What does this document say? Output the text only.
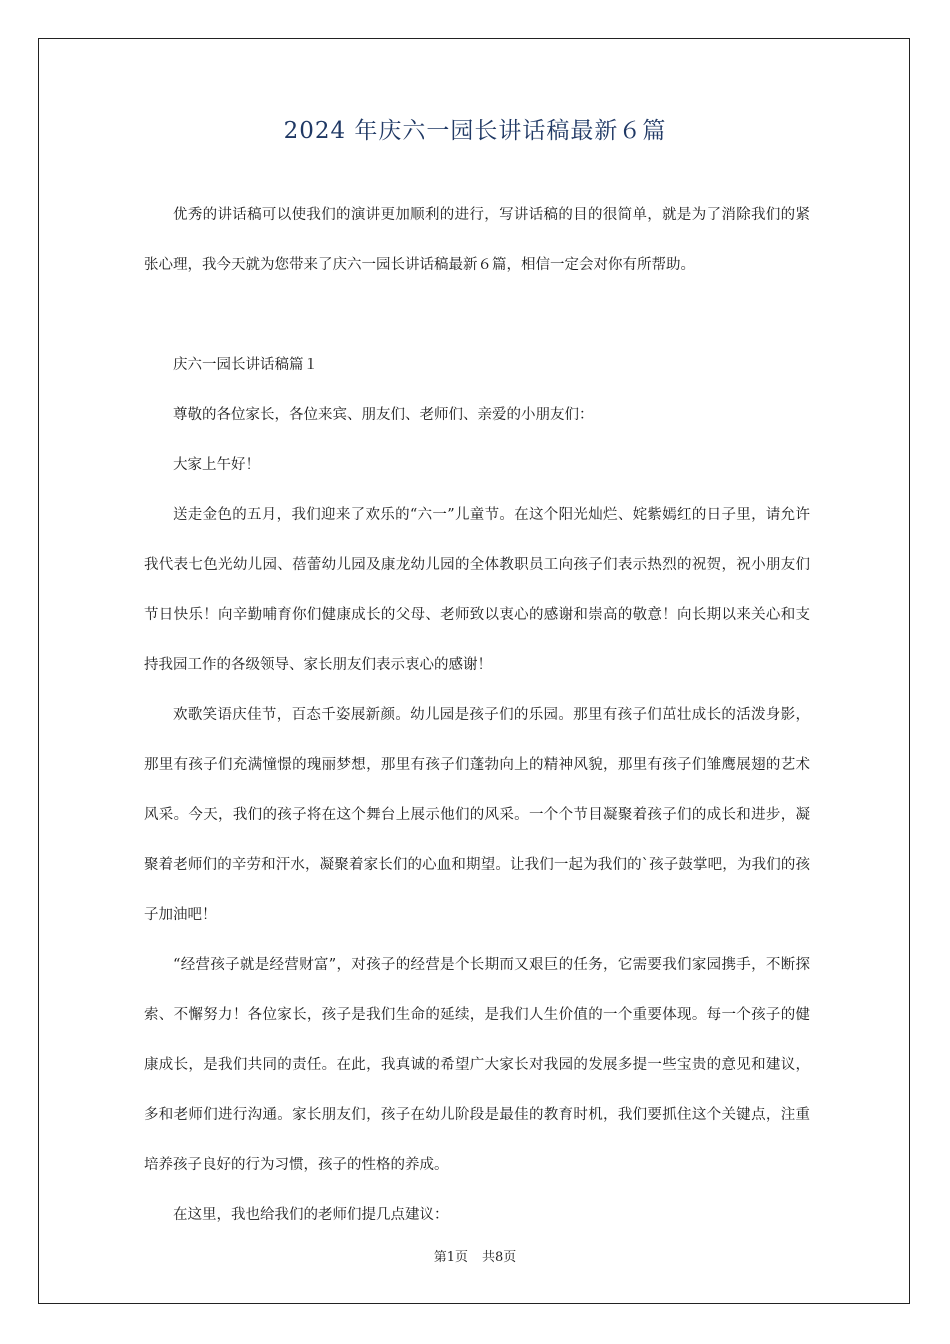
2024 年庆六一园长讲话稿最新６篇

优秀的讲话稿可以使我们的演讲更加顺利的进行，写讲话稿的目的很简单，就是为了消除我们的紧张心理，我今天就为您带来了庆六一园长讲话稿最新６篇，相信一定会对你有所帮助。

庆六一园长讲话稿篇１

尊敬的各位家长，各位来宾、朋友们、老师们、亲爱的小朋友们：

大家上午好！

送走金色的五月，我们迎来了欢乐的“六一”儿童节。在这个阳光灿烂、姹紫嫣红的日子里，请允许我代表七色光幼儿园、蓓蕾幼儿园及康龙幼儿园的全体教职员工向孩子们表示热烈的祝贺，祝小朋友们节日快乐！向辛勤哺育你们健康成长的父母、老师致以衷心的感谢和崇高的敬意！向长期以来关心和支持我园工作的各级领导、家长朋友们表示衷心的感谢！

欢歌笑语庆佳节，百态千姿展新颜。幼儿园是孩子们的乐园。那里有孩子们茁壮成长的活泼身影，那里有孩子们充满憧憬的瑰丽梦想，那里有孩子们蓬勃向上的精神风貌，那里有孩子们雏鹰展翅的艺术风采。今天，我们的孩子将在这个舞台上展示他们的风采。一个个节目凝聚着孩子们的成长和进步，凝聚着老师们的辛劳和汗水，凝聚着家长们的心血和期望。让我们一起为我们的`孩子鼓掌吧，为我们的孩子加油吧！

“经营孩子就是经营财富”，对孩子的经营是个长期而又艰巨的任务，它需要我们家园携手，不断探索、不懈努力！各位家长，孩子是我们生命的延续，是我们人生价值的一个重要体现。每一个孩子的健康成长，是我们共同的责任。在此，我真诚的希望广大家长对我园的发展多提一些宝贵的意见和建议，多和老师们进行沟通。家长朋友们，孩子在幼儿阶段是最佳的教育时机，我们要抓住这个关键点，注重培养孩子良好的行为习惯，孩子的性格的养成。

在这里，我也给我们的老师们提几点建议：

第1页 共8页
